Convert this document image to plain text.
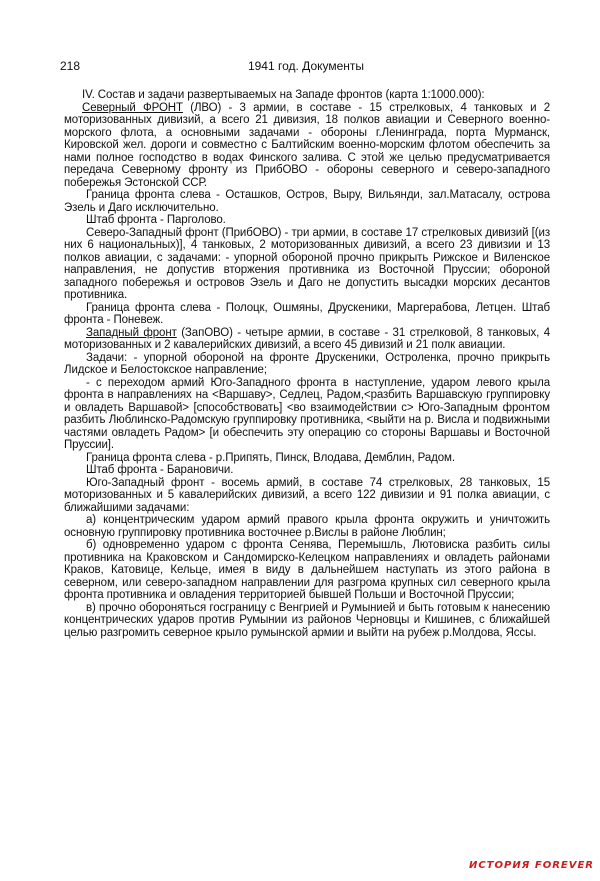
218	1941 год. Документы

IV. Состав и задачи развертываемых на Западе фронтов (карта 1:1000.000):

Северный ФРОНТ (ЛВО) - 3 армии, в составе - 15 стрелковых, 4 танковых и 2 моторизованных дивизий, а всего 21 дивизия, 18 полков авиации и Северного военно-морского флота, а основными задачами - обороны г.Ленинграда, порта Мурманск, Кировской жел. дороги и совместно с Балтийским военно-морским флотом обеспечить за нами полное господство в водах Финского залива. С этой же целью предусматривается передача Северному фронту из ПрибОВО - обороны северного и северо-западного побережья Эстонской ССР.

Граница фронта слева - Осташков, Остров, Выру, Вильянди, зал.Матасалу, острова Эзель и Даго исключительно.

Штаб фронта - Парголово.

Северо-Западный фронт (ПрибОВО) - три армии, в составе 17 стрелковых дивизий [(из них 6 национальных)], 4 танковых, 2 моторизованных дивизий, а всего 23 дивизии и 13 полков авиации, с задачами: - упорной обороной прочно прикрыть Рижское и Виленское направления, не допустив вторжения противника из Восточной Пруссии; обороной западного побережья и островов Эзель и Даго не допустить высадки морских десантов противника.

Граница фронта слева - Полоцк, Ошмяны, Друскеники, Маргерабова, Летцен. Штаб фронта - Поневеж.

Западный фронт (ЗапОВО) - четыре армии, в составе - 31 стрелковой, 8 танковых, 4 моторизованных и 2 кавалерийских дивизий, а всего 45 дивизий и 21 полк авиации.

Задачи: - упорной обороной на фронте Друскеники, Остроленка, прочно прикрыть Лидское и Белостокское направление;

- с переходом армий Юго-Западного фронта в наступление, ударом левого крыла фронта в направлениях на <Варшаву>, Седлец, Радом,<разбить Варшавскую группировку и овладеть Варшавой> [способствовать] <во взаимодействии с> Юго-Западным фронтом разбить Люблинско-Радомскую группировку противника, <выйти на р. Висла и подвижными частями овладеть Радом> [и обеспечить эту операцию со стороны Варшавы и Восточной Пруссии].

Граница фронта слева - р.Припять, Пинск, Влодава, Демблин, Радом.

Штаб фронта - Барановичи.

Юго-Западный фронт - восемь армий, в составе 74 стрелковых, 28 танковых, 15 моторизованных и 5 кавалерийских дивизий, а всего 122 дивизии и 91 полка авиации, с ближайшими задачами:

а) концентрическим ударом армий правого крыла фронта окружить и уничтожить основную группировку противника восточнее р.Вислы в районе Люблин;

б) одновременно ударом с фронта Сенява, Перемышль, Лютовиска разбить силы противника на Краковском и Сандомирско-Келецком направлениях и овладеть районами Краков, Катовице, Кельце, имея в виду в дальнейшем наступать из этого района в северном, или северо-западном направлении для разгрома крупных сил северного крыла фронта противника и овладения территорией бывшей Польши и Восточной Пруссии;

в) прочно обороняться госграницу с Венгрией и Румынией и быть готовым к нанесению концентрических ударов против Румынии из районов Черновцы и Кишинев, с ближайшей целью разгромить северное крыло румынской армии и выйти на рубеж р.Молдова, Яссы.

ИСТОРИЯ FOREVER
